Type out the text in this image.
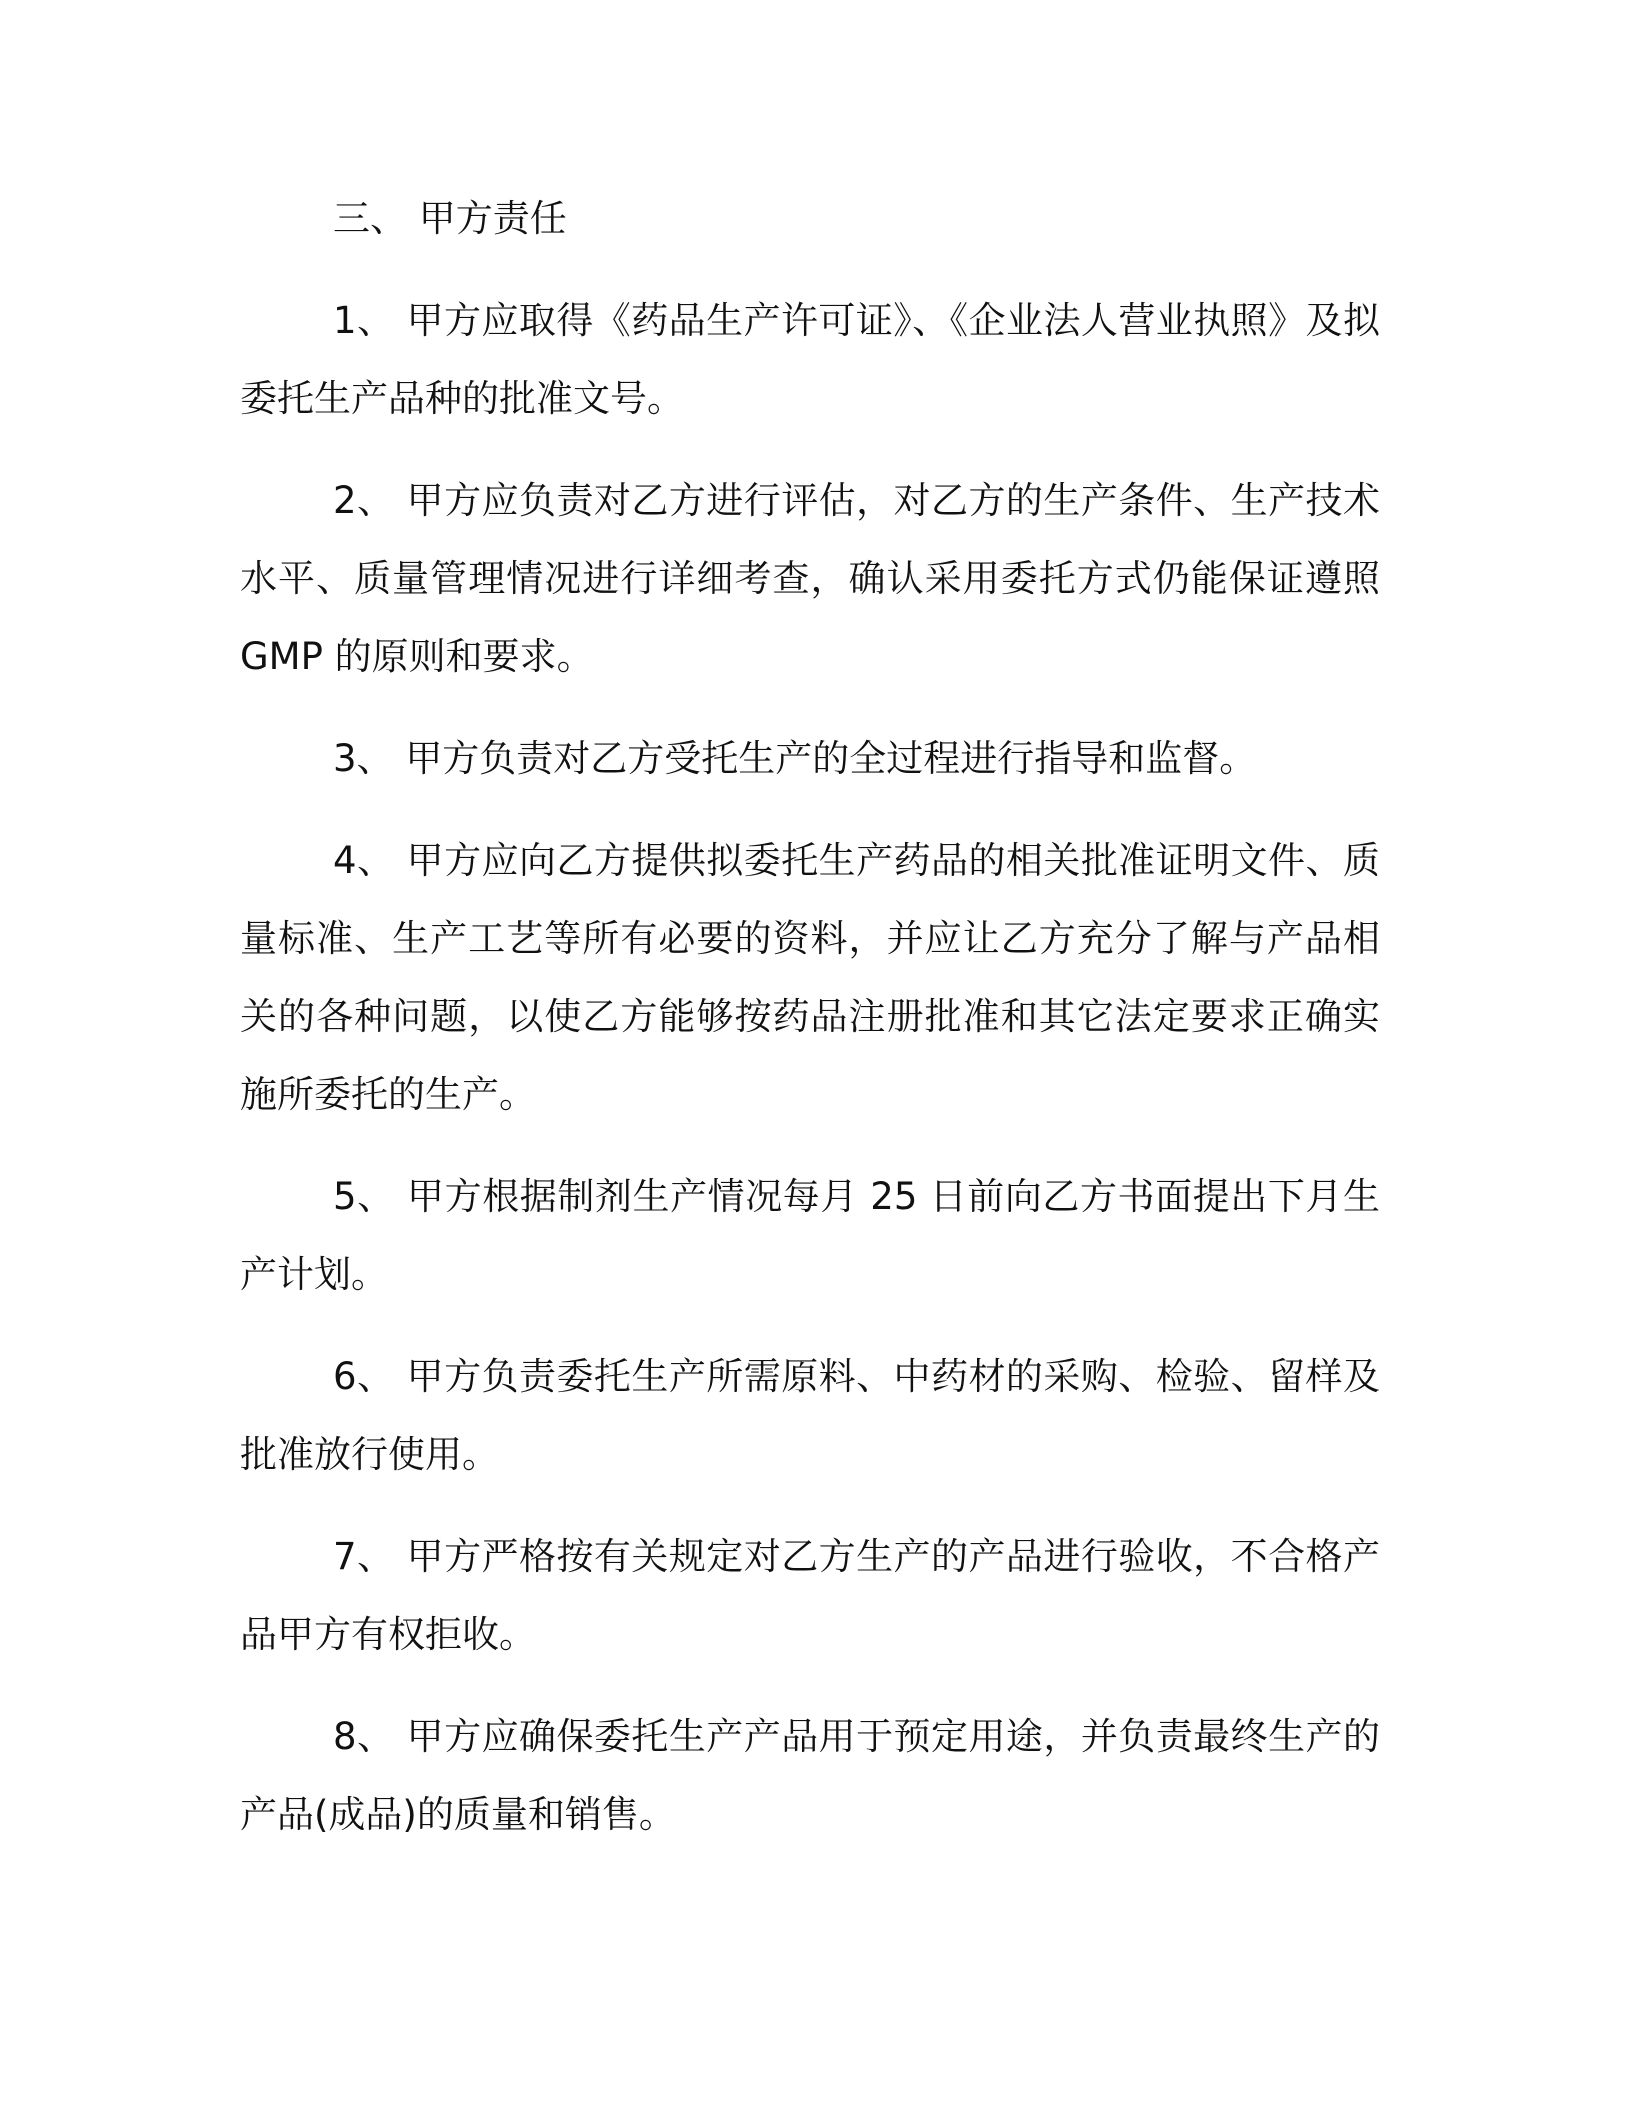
三、 甲方责任

1、 甲方应取得《药品生产许可证》、《企业法人营业执照》及拟委托生产品种的批准文号。

2、 甲方应负责对乙方进行评估，对乙方的生产条件、生产技术水平、质量管理情况进行详细考查，确认采用委托方式仍能保证遵照 GMP 的原则和要求。

3、 甲方负责对乙方受托生产的全过程进行指导和监督。

4、 甲方应向乙方提供拟委托生产药品的相关批准证明文件、质量标准、生产工艺等所有必要的资料，并应让乙方充分了解与产品相关的各种问题，以使乙方能够按药品注册批准和其它法定要求正确实施所委托的生产。

5、 甲方根据制剂生产情况每月 25 日前向乙方书面提出下月生产计划。

6、 甲方负责委托生产所需原料、中药材的采购、检验、留样及批准放行使用。

7、 甲方严格按有关规定对乙方生产的产品进行验收，不合格产品甲方有权拒收。

8、 甲方应确保委托生产产品用于预定用途，并负责最终生产的产品(成品)的质量和销售。
